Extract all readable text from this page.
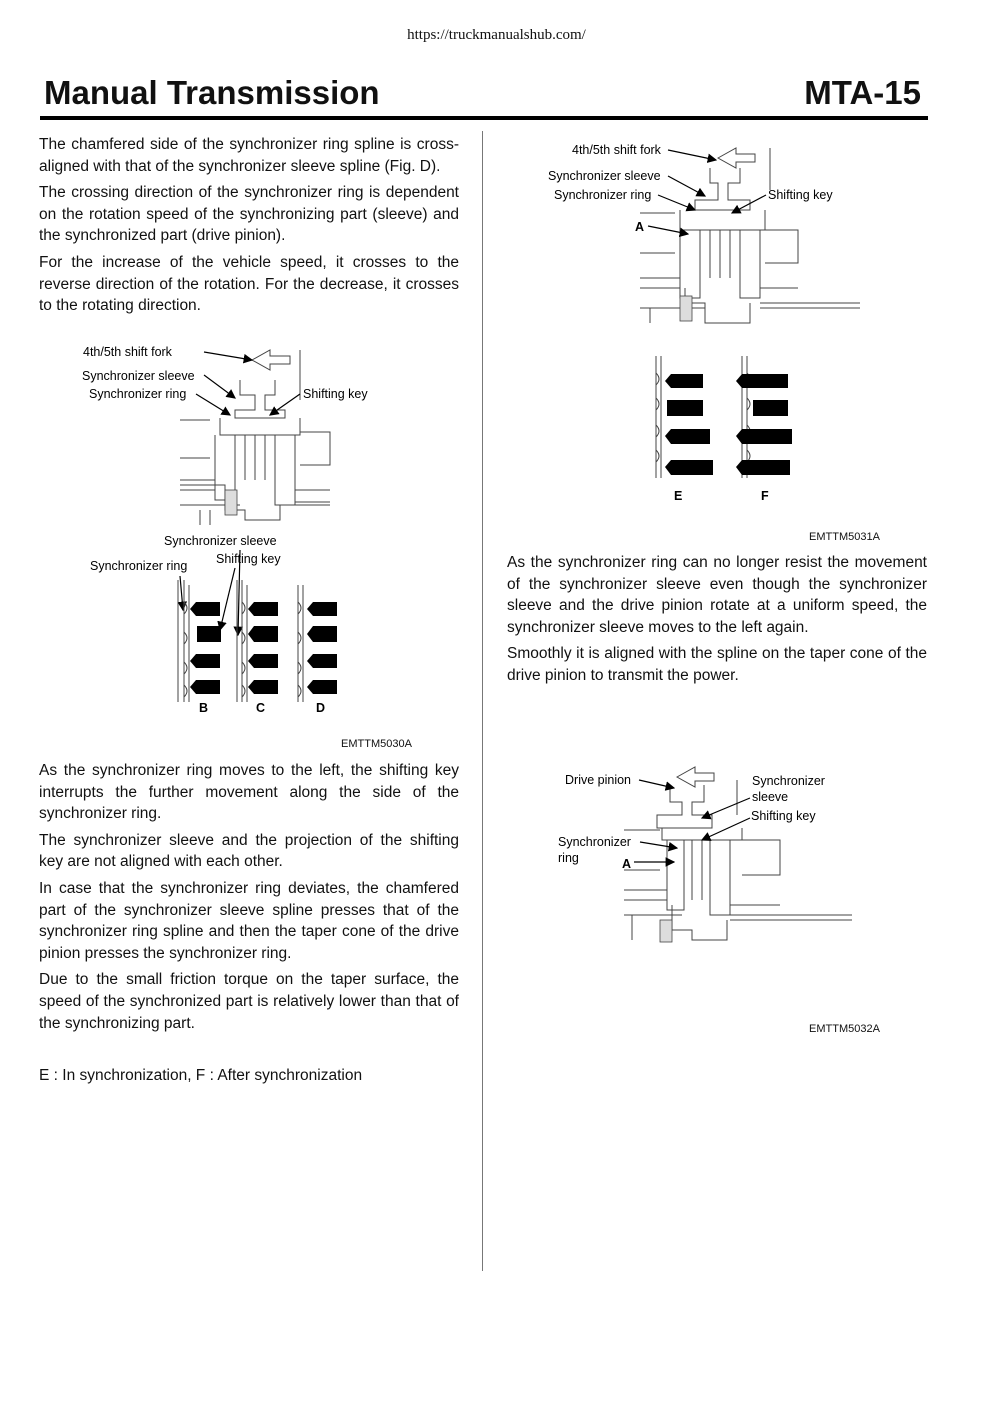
https://truckmanualshub.com/
Manual Transmission	MTA-15

The chamfered side of the synchronizer ring spline is cross-aligned with that of the synchronizer sleeve spline (Fig. D).

The crossing direction of the synchronizer ring is dependent on the rotation speed of the synchronizing part (sleeve) and the synchronized part (drive pinion).

For the increase of the vehicle speed, it crosses to the reverse direction of the rotation. For the decrease, it crosses to the rotating direction.

4th/5th shift fork
Synchronizer sleeve
Synchronizer ring	Shifting key
Synchronizer sleeve
Shifting key
Synchronizer ring
B	C	D
EMTTM5030A

As the synchronizer ring moves to the left, the shifting key interrupts the further movement along the side of the synchronizer ring.

The synchronizer sleeve and the projection of the shifting key are not aligned with each other.

In case that the synchronizer ring deviates, the chamfered part of the synchronizer sleeve spline presses that of the synchronizer ring spline and then the taper cone of the drive pinion presses the synchronizer ring.

Due to the small friction torque on the taper surface, the speed of the synchronized part is relatively lower than that of the synchronizing part.

E : In synchronization, F : After synchronization

4th/5th shift fork
Synchronizer sleeve
Synchronizer ring	Shifting key
A
E	F
EMTTM5031A

As the synchronizer ring can no longer resist the movement of the synchronizer sleeve even though the synchronizer sleeve and the drive pinion rotate at a uniform speed, the synchronizer sleeve moves to the left again.

Smoothly it is aligned with the spline on the taper cone of the drive pinion to transmit the power.

Drive pinion	Synchronizer
sleeve
Shifting key
Synchronizer
ring	A
EMTTM5032A
